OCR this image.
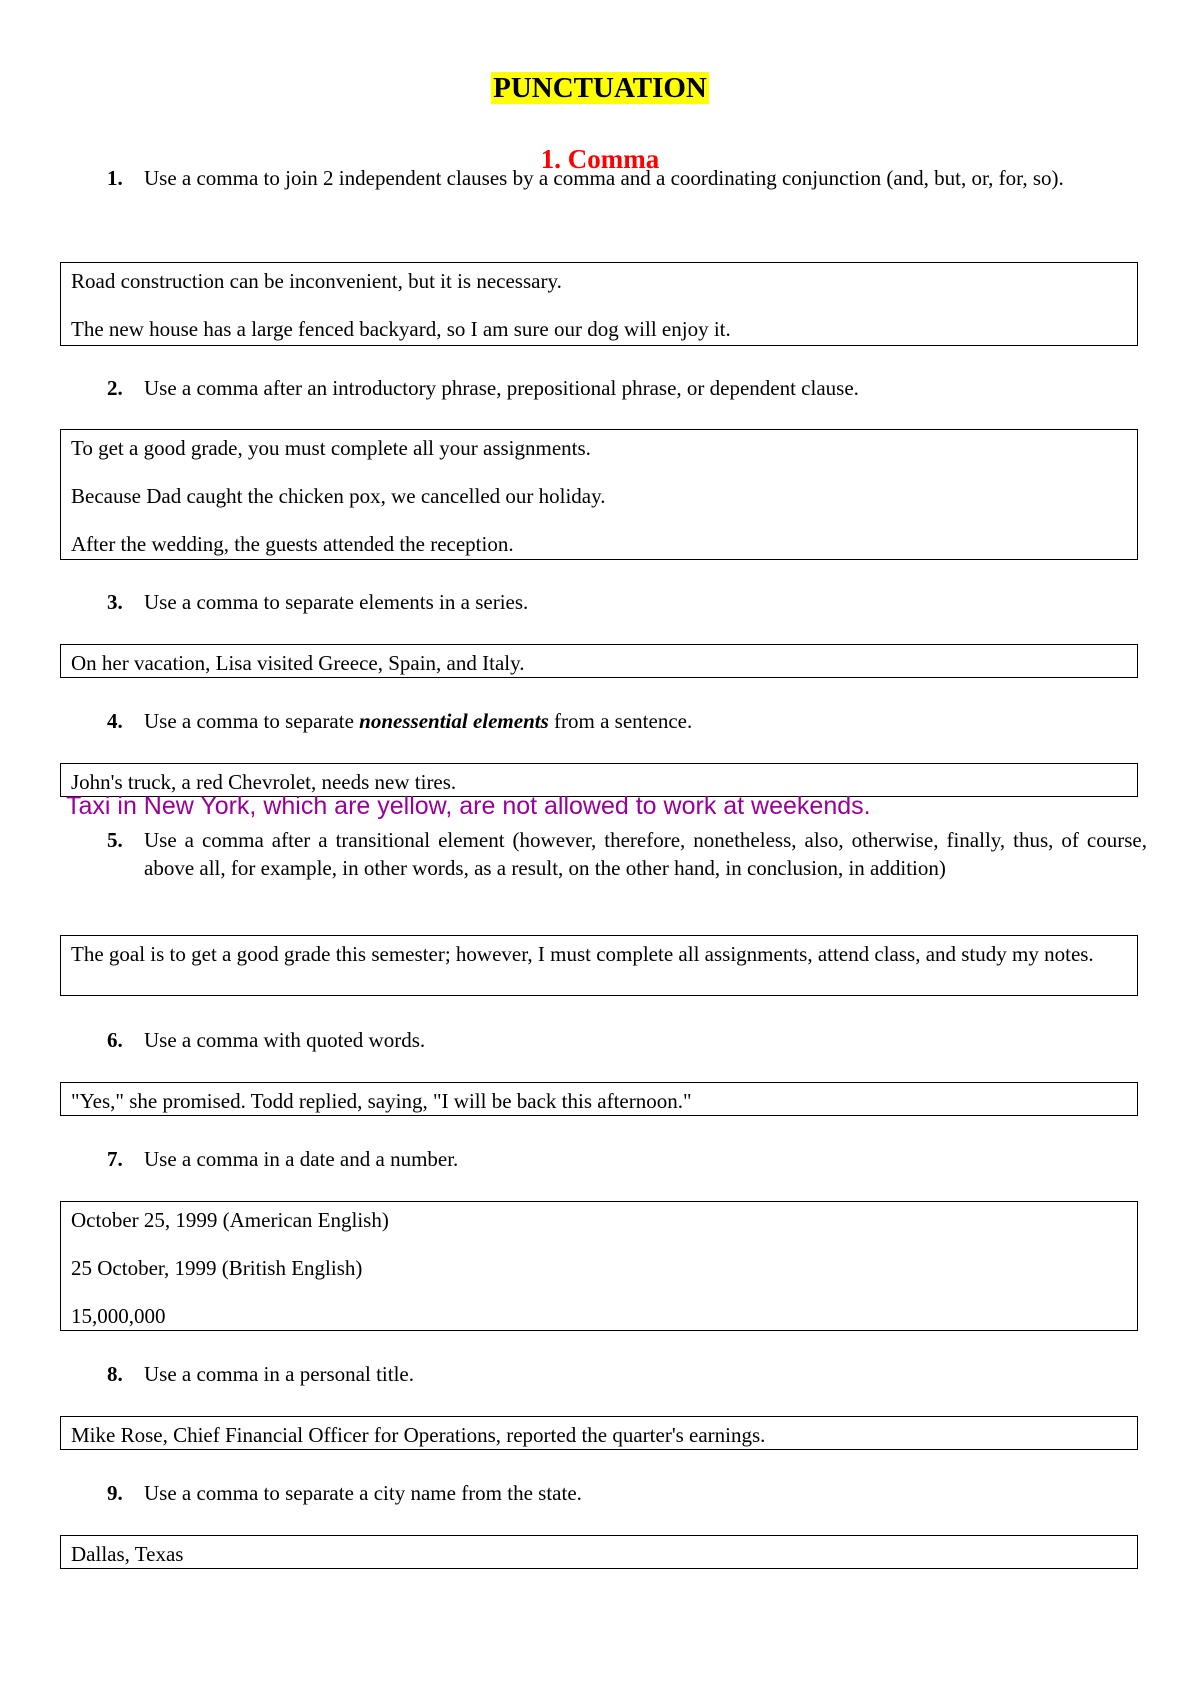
PUNCTUATION
1. Comma
1. Use a comma to join 2 independent clauses by a comma and a coordinating conjunction (and, but, or, for, so).
Road construction can be inconvenient, but it is necessary.
The new house has a large fenced backyard, so I am sure our dog will enjoy it.
2. Use a comma after an introductory phrase, prepositional phrase, or dependent clause.
To get a good grade, you must complete all your assignments.
Because Dad caught the chicken pox, we cancelled our holiday.
After the wedding, the guests attended the reception.
3. Use a comma to separate elements in a series.
On her vacation, Lisa visited Greece, Spain, and Italy.
4. Use a comma to separate nonessential elements from a sentence.
John's truck, a red Chevrolet, needs new tires.
Taxi in New York, which are yellow, are not allowed to work at weekends.
5. Use a comma after a transitional element (however, therefore, nonetheless, also, otherwise, finally, thus, of course, above all, for example, in other words, as a result, on the other hand, in conclusion, in addition)
The goal is to get a good grade this semester; however, I must complete all assignments, attend class, and study my notes.
6. Use a comma with quoted words.
"Yes," she promised. Todd replied, saying, "I will be back this afternoon."
7. Use a comma in a date and a number.
October 25, 1999 (American English)
25 October, 1999 (British English)
15,000,000
8. Use a comma in a personal title.
Mike Rose, Chief Financial Officer for Operations, reported the quarter's earnings.
9. Use a comma to separate a city name from the state.
Dallas, Texas
